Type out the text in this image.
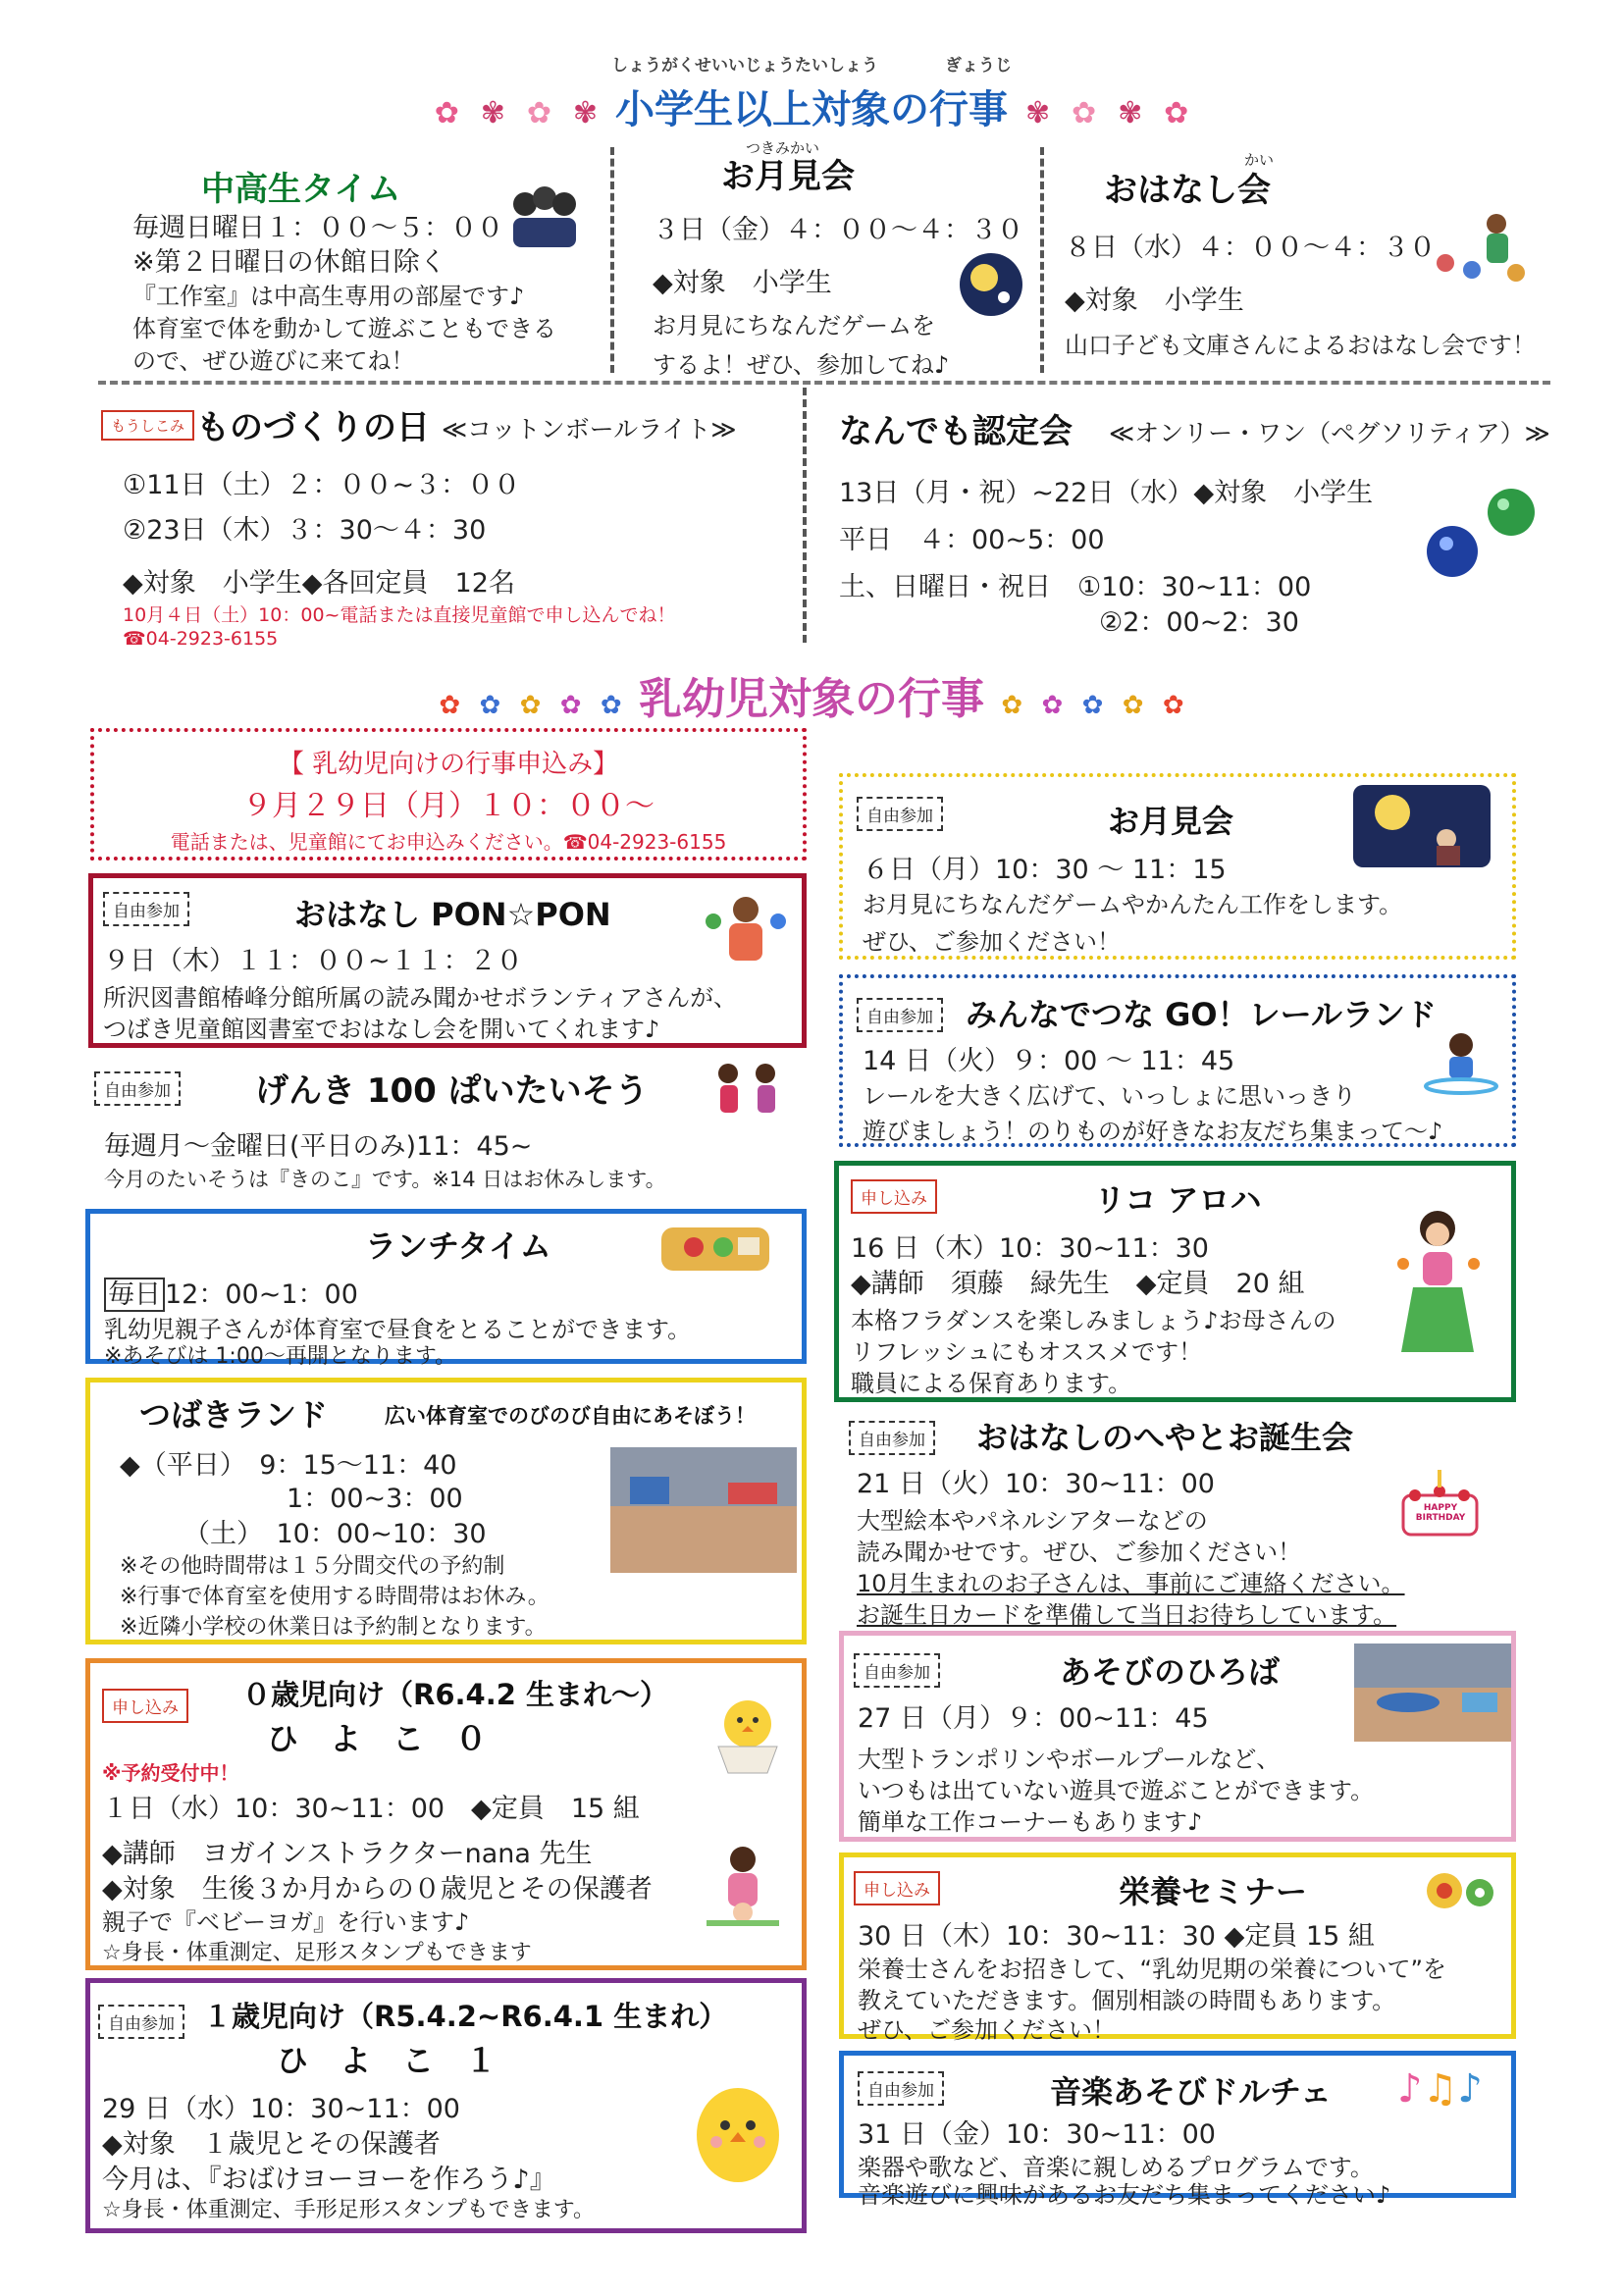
しょうがくせいいじょうたいしょう　　　　ぎょうじ
✿ ✾ ✿ ✾ 小学生以上対象の行事 ✾ ✿ ✾ ✿
中高生タイム
毎週日曜日１：００～５：００
※第２日曜日の休館日除く
『工作室』は中高生専用の部屋です♪
体育室で体を動かして遊ぶこともできる
ので、ぜひ遊びに来てね！
つきみかい
お月見会
３日（金）４：００～４：３０
◆対象　小学生
お月見にちなんだゲームを
するよ！ぜひ、参加してね♪
かい
おはなし会
８日（水）４：００～４：３０
◆対象　小学生
山口子ども文庫さんによるおはなし会です！
もうしこみ ものづくりの日 ≪コットンボールライト≫
①11日（土）２：００~３：００
②23日（木）３：30～４：30
◆対象　小学生◆各回定員　12名
10月４日（土）10：00~電話または直接児童館で申し込んでね！
☎04-2923-6155
なんでも認定会 ≪オンリー・ワン（ペグソリティア）≫
13日（月・祝）~22日（水）◆対象　小学生
平日　４：00~5：00
土、日曜日・祝日　①10：30~11：00
②2：00~2：30
✿ ✿ ✿ ✿ ✿ 乳幼児対象の行事 ✿ ✿ ✿ ✿ ✿
【 乳幼児向けの行事申込み】
９月２９日（月）１０：００～
電話または、児童館にてお申込みください。☎04-2923-6155
自由参加	おはなし PON☆PON
９日（木）１１：００~１１：２０
所沢図書館椿峰分館所属の読み聞かせボランティアさんが、
つばき児童館図書室でおはなし会を開いてくれます♪
自由参加	げんき 100 ぱいたいそう
毎週月～金曜日(平日のみ)11：45~
今月のたいそうは『きのこ』です。※14 日はお休みします。
ランチタイム
毎日 12：00~1：00
乳幼児親子さんが体育室で昼食をとることができます。
※あそびは 1:00～再開となります。
つばきランド	広い体育室でのびのび自由にあそぼう！
◆（平日）　9：15～11：40
1：00~3：00
（土）　10：00~10：30
※その他時間帯は１５分間交代の予約制
※行事で体育室を使用する時間帯はお休み。
※近隣小学校の休業日は予約制となります。
申し込み	０歳児向け（R6.4.2 生まれ～）
ひ　よ　こ　０
※予約受付中！
１日（水）10：30~11：00　◆定員　15 組
◆講師　ヨガインストラクターnana 先生
◆対象　生後３か月からの０歳児とその保護者
親子で『ベビーヨガ』を行います♪
☆身長・体重測定、足形スタンプもできます
自由参加	１歳児向け（R5.4.2~R6.4.1 生まれ）
ひ　よ　こ　１
29 日（水）10：30~11：00
◆対象　１歳児とその保護者
今月は、『おばけヨーヨーを作ろう♪』
☆身長・体重測定、手形足形スタンプもできます。
自由参加	お月見会
６日（月）10：30 ～ 11：15
お月見にちなんだゲームやかんたん工作をします。
ぜひ、ご参加ください！
自由参加	みんなでつな GO！レールランド
14 日（火）９：00 ～ 11：45
レールを大きく広げて、いっしょに思いっきり
遊びましょう！のりものが好きなお友だち集まって～♪
申し込み	リコ アロハ
16 日（木）10：30~11：30
◆講師　須藤　緑先生　◆定員　20 組
本格フラダンスを楽しみましょう♪お母さんの
リフレッシュにもオススメです！
職員による保育あります。
自由参加	おはなしのへやとお誕生会
21 日（火）10：30~11：00
大型絵本やパネルシアターなどの
読み聞かせです。ぜひ、ご参加ください！
10月生まれのお子さんは、事前にご連絡ください。
お誕生日カードを準備して当日お待ちしています。
HAPPY BIRTHDAY
自由参加	あそびのひろば
27 日（月）９：00~11：45
大型トランポリンやボールプールなど、
いつもは出ていない遊具で遊ぶことができます。
簡単な工作コーナーもあります♪
申し込み	栄養セミナー
30 日（木）10：30~11：30 ◆定員 15 組
栄養士さんをお招きして、“乳幼児期の栄養について”を
教えていただきます。個別相談の時間もあります。
ぜひ、ご参加ください！
自由参加	音楽あそびドルチェ ♪ ♫ ♪
31 日（金）10：30~11：00
楽器や歌など、音楽に親しめるプログラムです。
音楽遊びに興味があるお友だち集まってください♪
